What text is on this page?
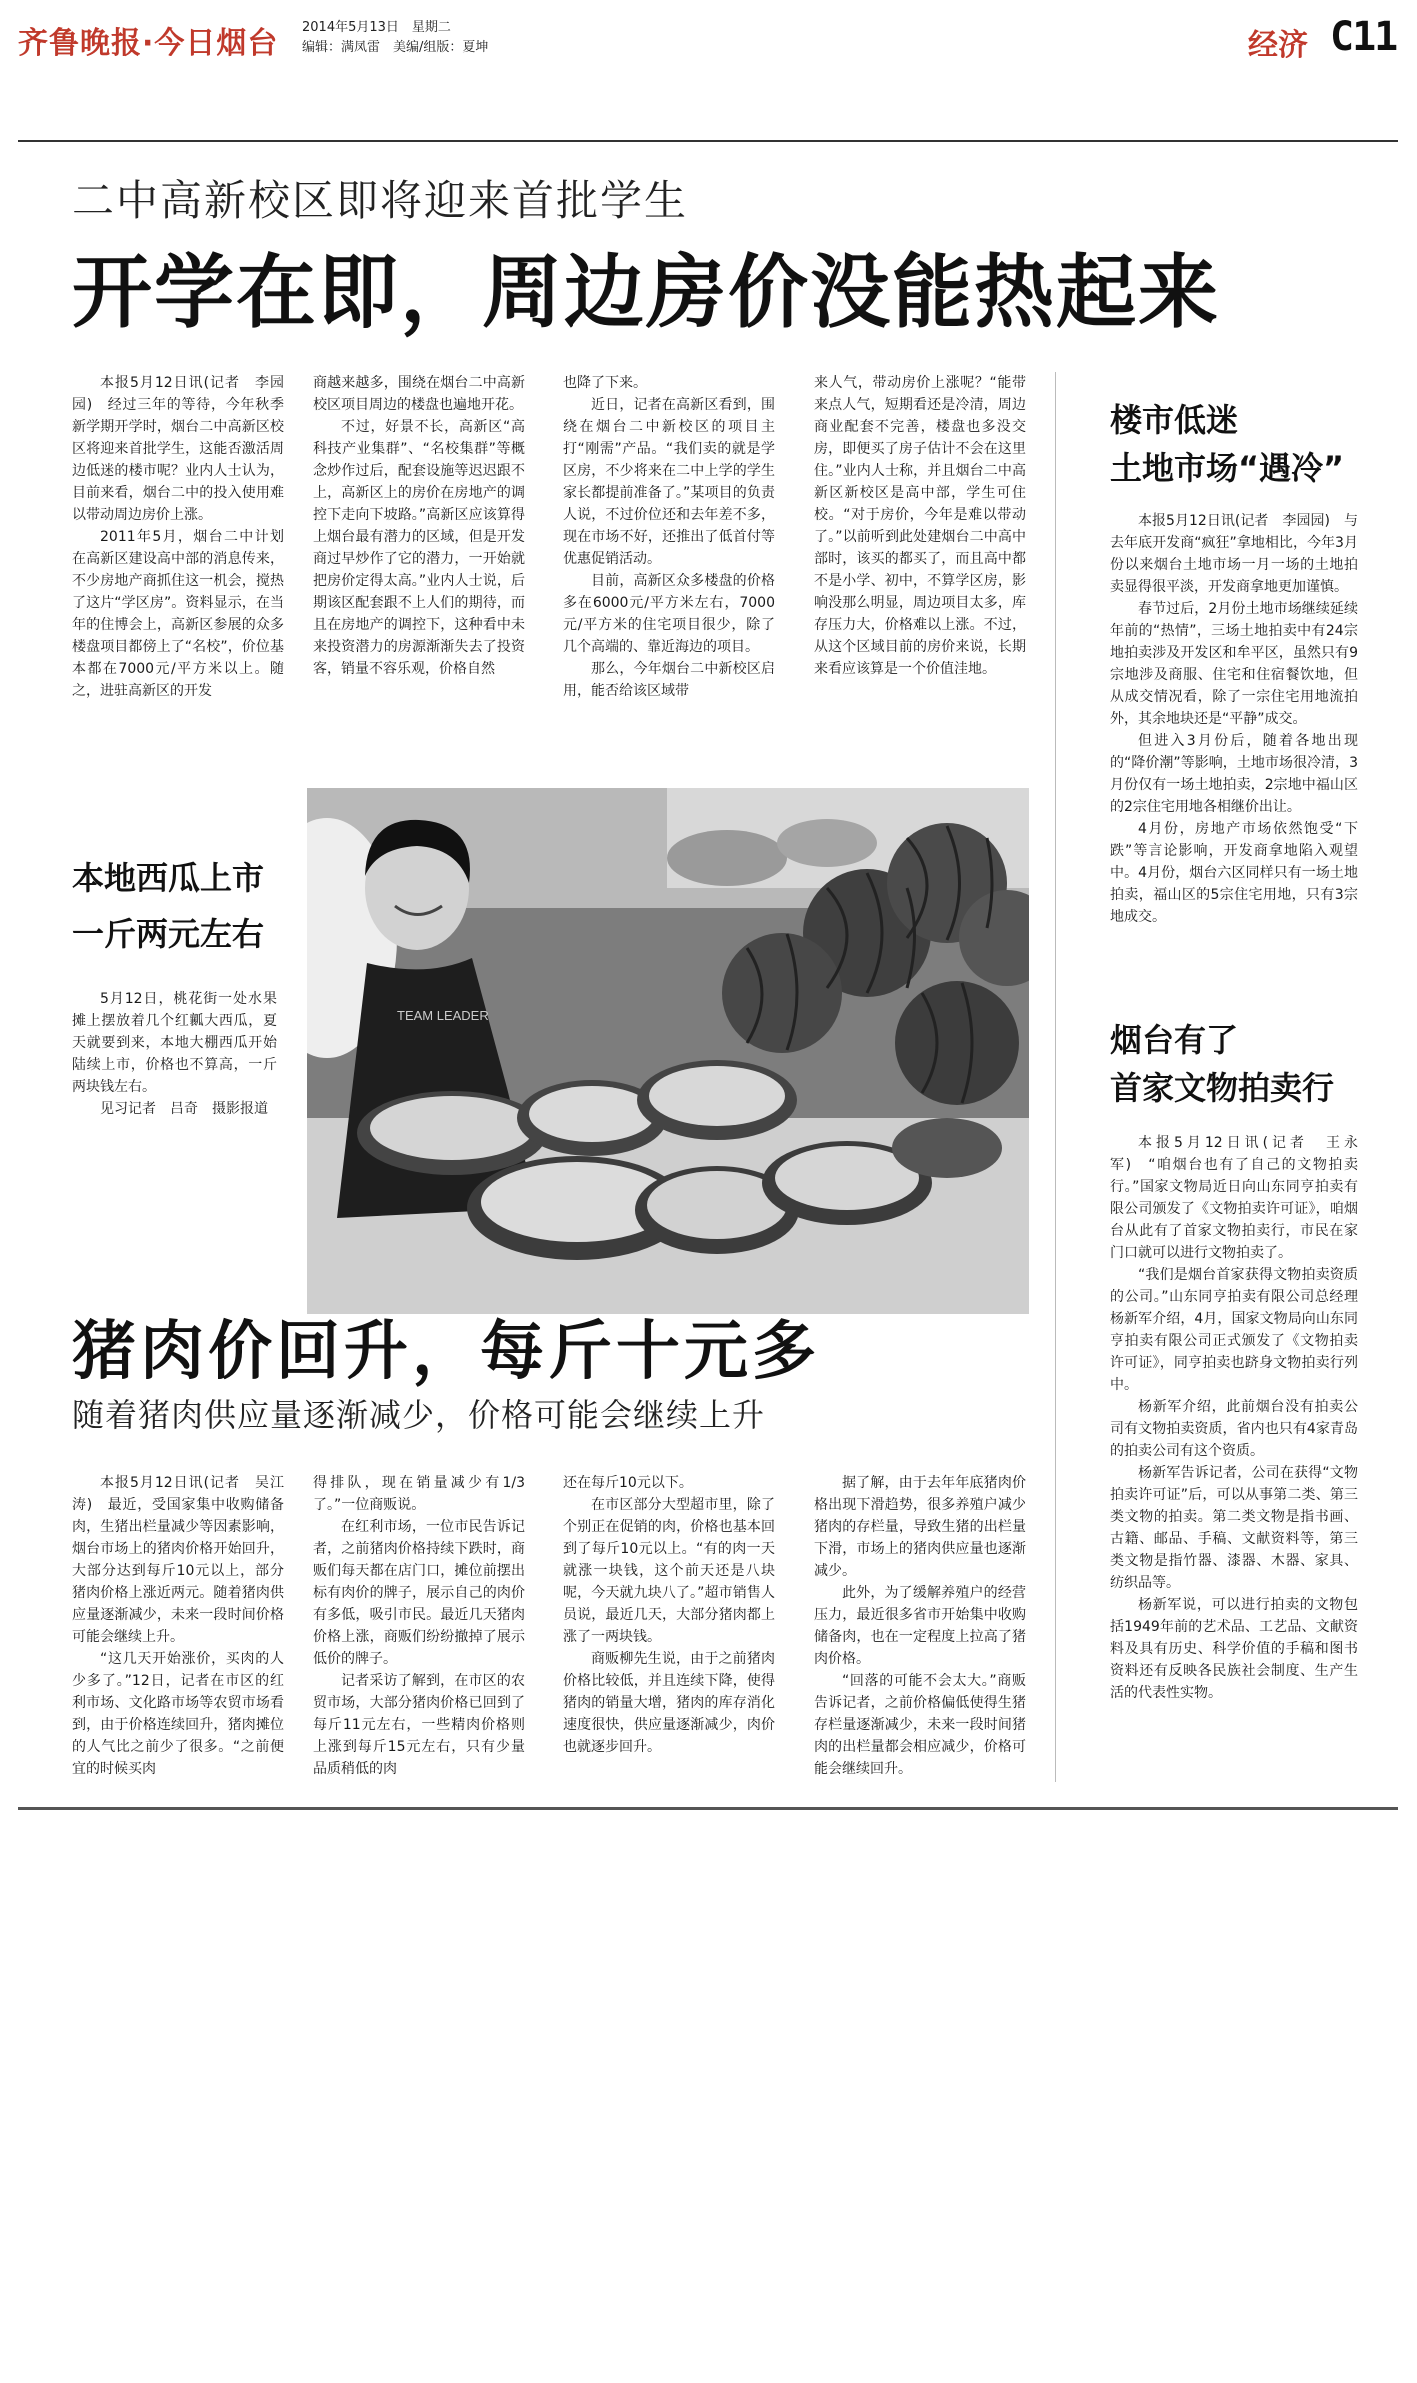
齐鲁晚报·今日烟台 2014年5月13日　星期二
编辑：满凤雷　美编/组版：夏坤	经济 C11
二中高新校区即将迎来首批学生
开学在即，周边房价没能热起来

本报5月12日讯(记者　李园园)　经过三年的等待，今年秋季新学期开学时，烟台二中高新区校区将迎来首批学生，这能否激活周边低迷的楼市呢？业内人士认为，目前来看，烟台二中的投入使用难以带动周边房价上涨。

2011年5月，烟台二中计划在高新区建设高中部的消息传来，不少房地产商抓住这一机会，搅热了这片“学区房”。资料显示，在当年的住博会上，高新区参展的众多楼盘项目都傍上了“名校”，价位基本都在7000元/平方米以上。随之，进驻高新区的开发

商越来越多，围绕在烟台二中高新校区项目周边的楼盘也遍地开花。

不过，好景不长，高新区“高科技产业集群”、“名校集群”等概念炒作过后，配套设施等迟迟跟不上，高新区上的房价在房地产的调控下走向下坡路。”高新区应该算得上烟台最有潜力的区域，但是开发商过早炒作了它的潜力，一开始就把房价定得太高。”业内人士说，后期该区配套跟不上人们的期待，而且在房地产的调控下，这种看中未来投资潜力的房源渐渐失去了投资客，销量不容乐观，价格自然

也降了下来。

近日，记者在高新区看到，围绕在烟台二中新校区的项目主打“刚需”产品。“我们卖的就是学区房，不少将来在二中上学的学生家长都提前准备了。”某项目的负责人说，不过价位还和去年差不多，现在市场不好，还推出了低首付等优惠促销活动。

目前，高新区众多楼盘的价格多在6000元/平方米左右，7000元/平方米的住宅项目很少，除了几个高端的、靠近海边的项目。

那么，今年烟台二中新校区启用，能否给该区域带

来人气，带动房价上涨呢？“能带来点人气，短期看还是冷清，周边商业配套不完善，楼盘也多没交房，即便买了房子估计不会在这里住。”业内人士称，并且烟台二中高新区新校区是高中部，学生可住校。“对于房价，今年是难以带动了。”以前听到此处建烟台二中高中部时，该买的都买了，而且高中都不是小学、初中，不算学区房，影响没那么明显，周边项目太多，库存压力大，价格难以上涨。不过，从这个区域目前的房价来说，长期来看应该算是一个价值洼地。

TEAM LEADER
本地西瓜上市
一斤两元左右

5月12日，桃花街一处水果摊上摆放着几个红瓤大西瓜，夏天就要到来，本地大棚西瓜开始陆续上市，价格也不算高，一斤两块钱左右。

见习记者　吕奇　摄影报道

楼市低迷
土地市场“遇冷”

本报5月12日讯(记者　李园园)　与去年底开发商“疯狂”拿地相比，今年3月份以来烟台土地市场一月一场的土地拍卖显得很平淡，开发商拿地更加谨慎。

春节过后，2月份土地市场继续延续年前的“热情”，三场土地拍卖中有24宗地拍卖涉及开发区和牟平区，虽然只有9宗地涉及商服、住宅和住宿餐饮地，但从成交情况看，除了一宗住宅用地流拍外，其余地块还是“平静”成交。

但进入3月份后，随着各地出现的“降价潮”等影响，土地市场很冷清，3月份仅有一场土地拍卖，2宗地中福山区的2宗住宅用地各相继价出让。

4月份，房地产市场依然饱受“下跌”等言论影响，开发商拿地陷入观望中。4月份，烟台六区同样只有一场土地拍卖，福山区的5宗住宅用地，只有3宗地成交。

烟台有了
首家文物拍卖行

本报5月12日讯(记者　王永军)　“咱烟台也有了自己的文物拍卖行。”国家文物局近日向山东同亨拍卖有限公司颁发了《文物拍卖许可证》，咱烟台从此有了首家文物拍卖行，市民在家门口就可以进行文物拍卖了。

“我们是烟台首家获得文物拍卖资质的公司。”山东同亨拍卖有限公司总经理杨新军介绍，4月，国家文物局向山东同亨拍卖有限公司正式颁发了《文物拍卖许可证》，同亨拍卖也跻身文物拍卖行列中。

杨新军介绍，此前烟台没有拍卖公司有文物拍卖资质，省内也只有4家青岛的拍卖公司有这个资质。

杨新军告诉记者，公司在获得“文物拍卖许可证”后，可以从事第二类、第三类文物的拍卖。第二类文物是指书画、古籍、邮品、手稿、文献资料等，第三类文物是指竹器、漆器、木器、家具、纺织品等。

杨新军说，可以进行拍卖的文物包括1949年前的艺术品、工艺品、文献资料及具有历史、科学价值的手稿和图书资料还有反映各民族社会制度、生产生活的代表性实物。

猪肉价回升，每斤十元多
随着猪肉供应量逐渐减少，价格可能会继续上升

本报5月12日讯(记者　吴江涛)　最近，受国家集中收购储备肉，生猪出栏量减少等因素影响，烟台市场上的猪肉价格开始回升，大部分达到每斤10元以上，部分猪肉价格上涨近两元。随着猪肉供应量逐渐减少，未来一段时间价格可能会继续上升。

“这几天开始涨价，买肉的人少多了。”12日，记者在市区的红利市场、文化路市场等农贸市场看到，由于价格连续回升，猪肉摊位的人气比之前少了很多。“之前便宜的时候买肉

得排队，现在销量减少有1/3了。”一位商贩说。

在红利市场，一位市民告诉记者，之前猪肉价格持续下跌时，商贩们每天都在店门口，摊位前摆出标有肉价的牌子，展示自己的肉价有多低，吸引市民。最近几天猪肉价格上涨，商贩们纷纷撤掉了展示低价的牌子。

记者采访了解到，在市区的农贸市场，大部分猪肉价格已回到了每斤11元左右，一些精肉价格则上涨到每斤15元左右，只有少量品质稍低的肉

还在每斤10元以下。

在市区部分大型超市里，除了个别正在促销的肉，价格也基本回到了每斤10元以上。“有的肉一天就涨一块钱，这个前天还是八块呢，今天就九块八了。”超市销售人员说，最近几天，大部分猪肉都上涨了一两块钱。

商贩柳先生说，由于之前猪肉价格比较低，并且连续下降，使得猪肉的销量大增，猪肉的库存消化速度很快，供应量逐渐减少，肉价也就逐步回升。

据了解，由于去年年底猪肉价格出现下滑趋势，很多养殖户减少猪肉的存栏量，导致生猪的出栏量下滑，市场上的猪肉供应量也逐渐减少。

此外，为了缓解养殖户的经营压力，最近很多省市开始集中收购储备肉，也在一定程度上拉高了猪肉价格。

“回落的可能不会太大。”商贩告诉记者，之前价格偏低使得生猪存栏量逐渐减少，未来一段时间猪肉的出栏量都会相应减少，价格可能会继续回升。
